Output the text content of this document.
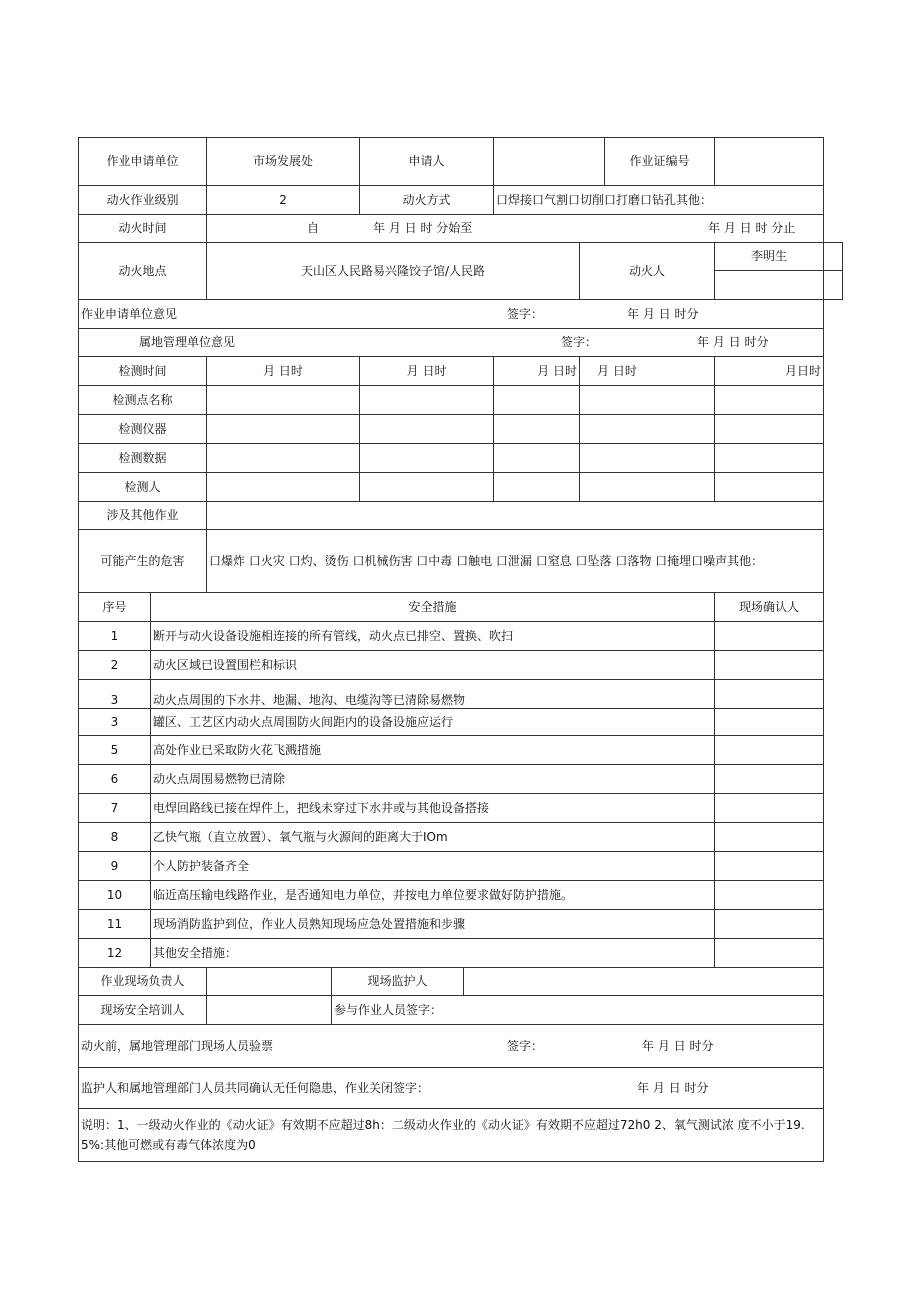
作业申请单位	市场发展处	申请人		作业证编号	
动火作业级别	2	动火方式	口焊接口气割口切削口打磨口钻孔其他：
动火时间		自	年 月 日 时 分始至	年 月 日 时 分止

动火地点	天山区人民路易兴隆饺子馆/人民路	动火人	李明生	

作业申请单位意见	签字：	年 月 日 时分

	属地管理单位意见	签字：	年 月 日 时分

检测时间	月 日时	月 日时	月 日时	月 日时	月日时
检测点名称					
检测仪器					
检测数据					
检测人					
涉及其他作业	
可能产生的危害	口爆炸 口火灾 口灼、烫伤 口机械伤害 口中毒 口触电 口泄漏 口窒息 口坠落 口落物 口掩埋口噪声其他：
序号	安全措施	现场确认人
1	断开与动火设备设施相连接的所有管线，动火点已排空、置换、吹扫	
2	动火区域已设置围栏和标识	
3	动火点周围的下水井、地漏、地沟、电缆沟等已清除易燃物	
3	罐区、工艺区内动火点周围防火间距内的设备设施应运行	
5	高处作业已采取防火花飞溅措施	
6	动火点周围易燃物已清除	
7	电焊回路线已接在焊件上，把线未穿过下水井或与其他设备搭接	
8	乙快气瓶（直立放置）、氧气瓶与火源间的距离大于IOm	
9	个人防护装备齐全	
10	临近高压输电线路作业，是否通知电力单位，并按电力单位要求做好防护措施。	
11	现场消防监护到位，作业人员熟知现场应急处置措施和步骤	
12	其他安全措施：	
作业现场负责人		现场监护人	
现场安全培训人		参与作业人员签字：

动火前，属地管理部门现场人员验票	签字：	年 月 日 时分

监护人和属地管理部门人员共同确认无任何隐患，作业关闭签字：	年 月 日 时分

说明：1、一级动火作业的《动火证》有效期不应超过8h：二级动火作业的《动火证》有效期不应超过72h0 2、氧气测试浓 度不小于19. 5%:其他可燃或有毒气体浓度为0
